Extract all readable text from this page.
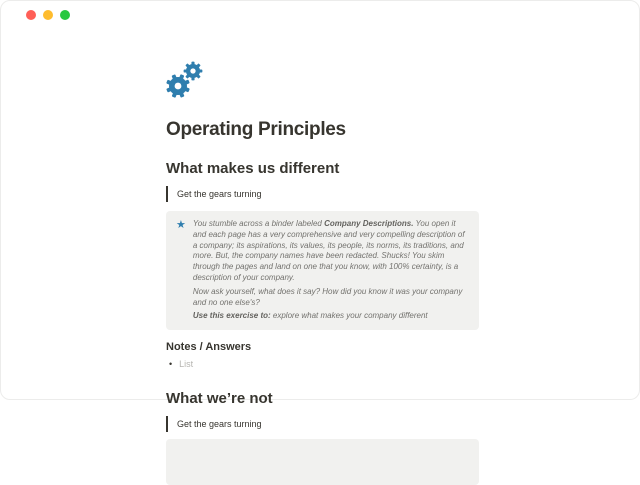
Operating Principles
What makes us different
Get the gears turning
★ You stumble across a binder labeled Company Descriptions. You open it and each page has a very comprehensive and very compelling description of a company; its aspirations, its values, its people, its norms, its traditions, and more. But, the company names have been redacted. Shucks! You skim through the pages and land on one that you know, with 100% certainty, is a description of your company.

Now ask yourself, what does it say? How did you know it was your company and no one else's?

Use this exercise to: explore what makes your company different

Notes / Answers
• List
What we’re not
Get the gears turning
